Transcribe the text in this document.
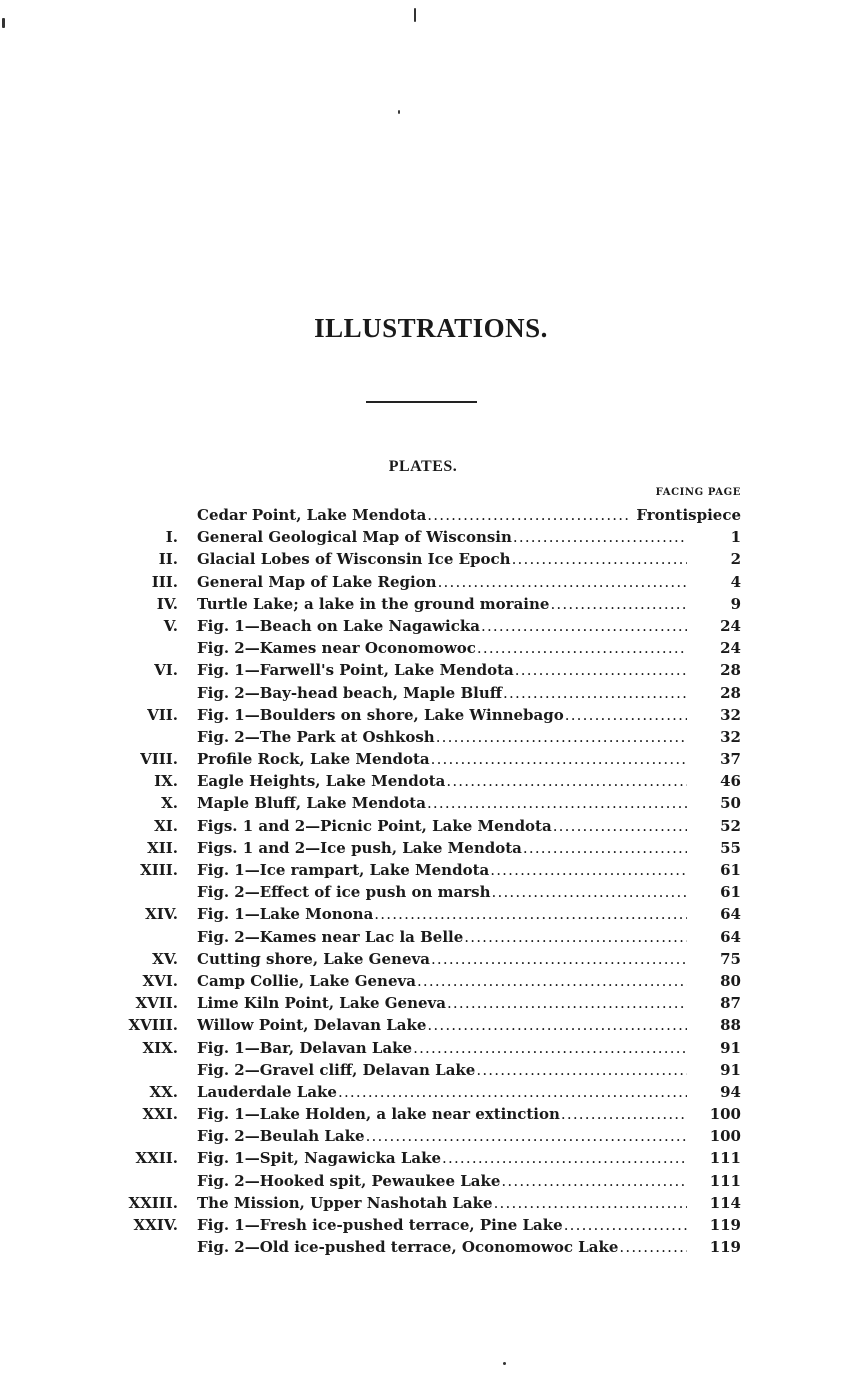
ILLUSTRATIONS.
PLATES.
FACING PAGE
Cedar Point, Lake Mendota .....	Frontispiece
I. General Geological Map of Wisconsin .....	1
II. Glacial Lobes of Wisconsin Ice Epoch .....	2
III. General Map of Lake Region .....	4
IV. Turtle Lake; a lake in the ground moraine .....	9
V. Fig. 1—Beach on Lake Nagawicka .....	24
Fig. 2—Kames near Oconomowoc .....	24
VI. Fig. 1—Farwell's Point, Lake Mendota .....	28
Fig. 2—Bay-head beach, Maple Bluff .....	28
VII. Fig. 1—Boulders on shore, Lake Winnebago .....	32
Fig. 2—The Park at Oshkosh .....	32
VIII. Profile Rock, Lake Mendota .....	37
IX. Eagle Heights, Lake Mendota .....	46
X. Maple Bluff, Lake Mendota .....	50
XI. Figs. 1 and 2—Picnic Point, Lake Mendota .....	52
XII. Figs. 1 and 2—Ice push, Lake Mendota .....	55
XIII. Fig. 1—Ice rampart, Lake Mendota .....	61
Fig. 2—Effect of ice push on marsh .....	61
XIV. Fig. 1—Lake Monona .....	64
Fig. 2—Kames near Lac la Belle .....	64
XV. Cutting shore, Lake Geneva .....	75
XVI. Camp Collie, Lake Geneva .....	80
XVII. Lime Kiln Point, Lake Geneva .....	87
XVIII. Willow Point, Delavan Lake .....	88
XIX. Fig. 1—Bar, Delavan Lake .....	91
Fig. 2—Gravel cliff, Delavan Lake .....	91
XX. Lauderdale Lake .....	94
XXI. Fig. 1—Lake Holden, a lake near extinction .....	100
Fig. 2—Beulah Lake .....	100
XXII. Fig. 1—Spit, Nagawicka Lake .....	111
Fig. 2—Hooked spit, Pewaukee Lake .....	111
XXIII. The Mission, Upper Nashotah Lake .....	114
XXIV. Fig. 1—Fresh ice-pushed terrace, Pine Lake .....	119
Fig. 2—Old ice-pushed terrace, Oconomowoc Lake .....	119
